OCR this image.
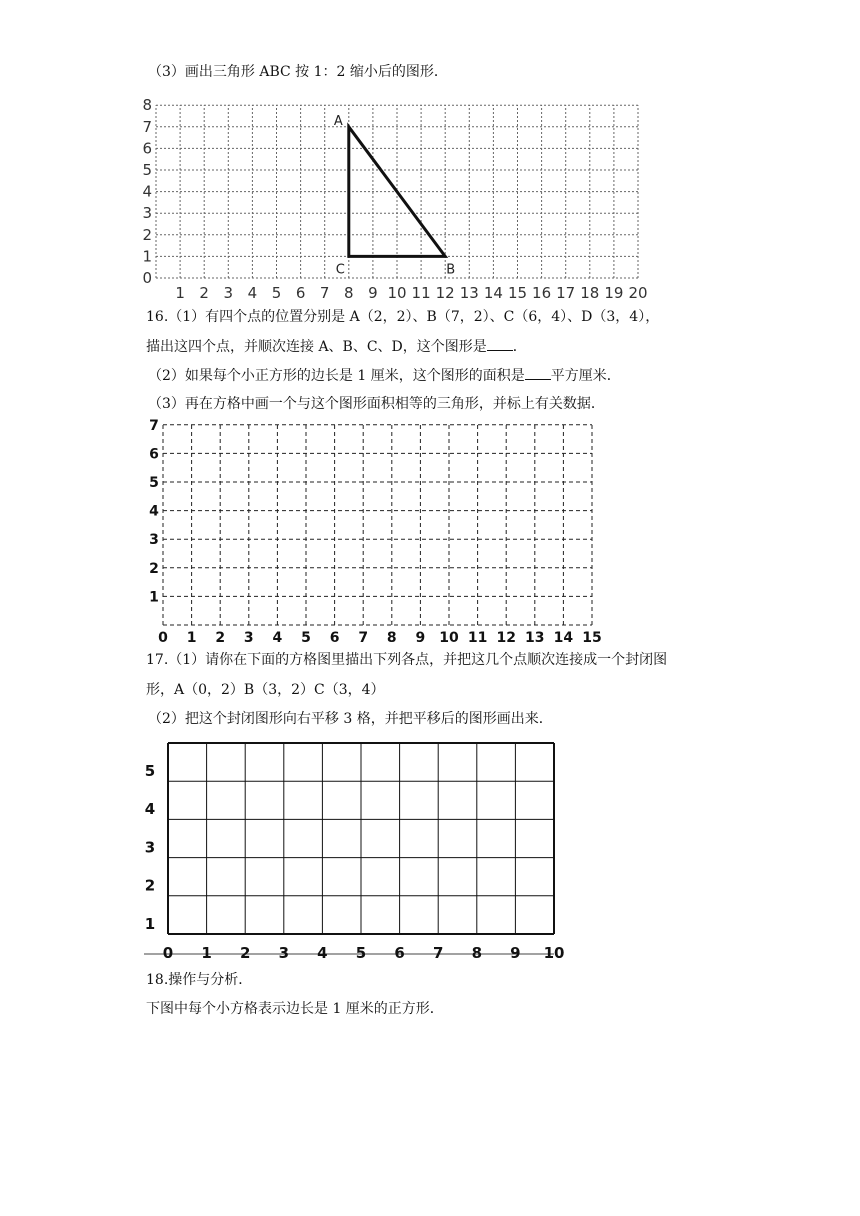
（3）画出三角形 ABC 按 1：2 缩小后的图形．
1 2 3 4 5 6 7 8 9 10 11 12 13 14 15 16 17 18 19 20
0
1
2
3
4
5
6
7
8
A
B
C
16.（1）有四个点的位置分别是 A（2，2）、B（7，2）、C（6，4）、D（3，4），
描出这四个点，并顺次连接 A、B、C、D，这个图形是 ．
（2）如果每个小正方形的边长是 1 厘米，这个图形的面积是 平方厘米．
（3）再在方格中画一个与这个图形面积相等的三角形，并标上有关数据．
0 1 2 3 4 5 6 7 8 9 10 11 12 13 14 15
1
2
3
4
5
6
7
17.（1）请你在下面的方格图里描出下列各点，并把这几个点顺次连接成一个封闭图
形，A（0，2）B（3，2）C（3，4）
（2）把这个封闭图形向右平移 3 格，并把平移后的图形画出来．
0 1 2 3 4 5 6 7 8 9 10
1
2
3
4
5
18.操作与分析．
下图中每个小方格表示边长是 1 厘米的正方形．
